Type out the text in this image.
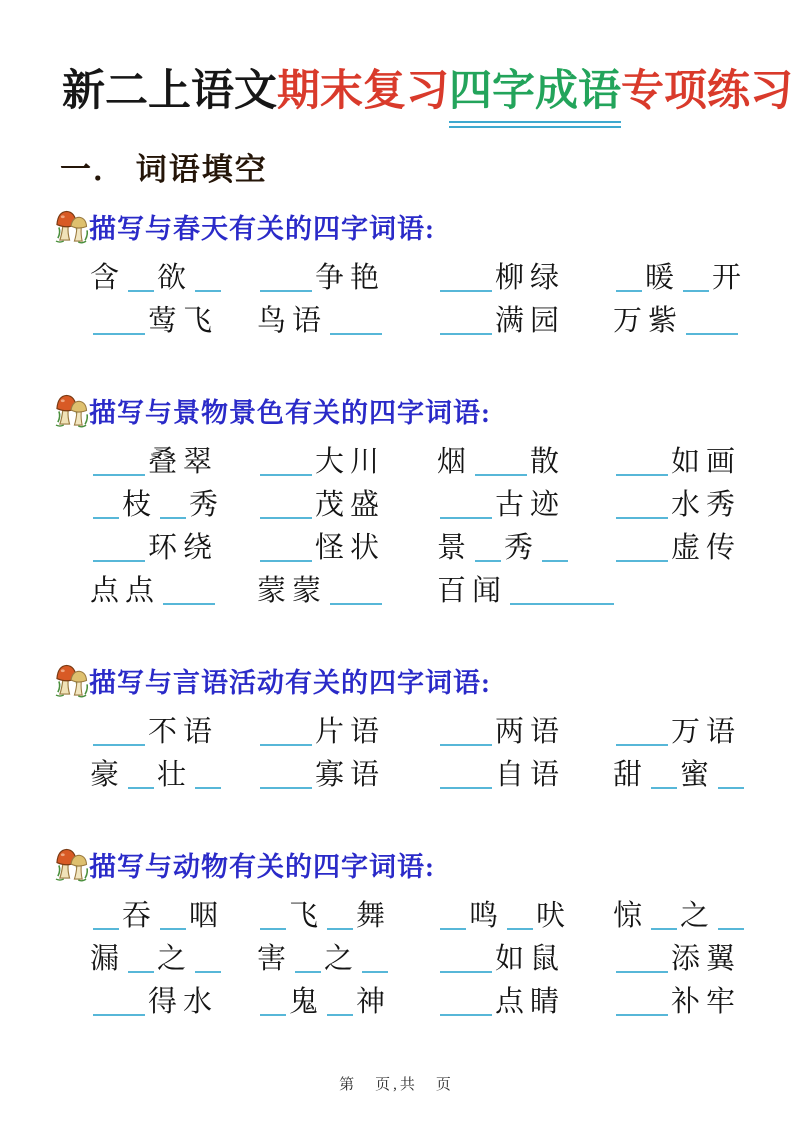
新二上语文期末复习四字成语专项练习
一． 词语填空
描写与春天有关的四字词语:
含 欲	争艳	柳绿	暖 开
莺飞	鸟语	满园	万紫
描写与景物景色有关的四字词语:
叠翠	大川	烟 散	如画
枝 秀	茂盛	古迹	水秀
环绕	怪状	景 秀	虚传
点点	蒙蒙	百闻
描写与言语活动有关的四字词语:
不语	片语	两语	万语
豪 壮	寡语	自语	甜 蜜
描写与动物有关的四字词语:
吞 咽	飞 舞	鸣 吠	惊 之
漏 之	害 之	如鼠	添翼
得水	鬼 神	点睛	补牢
第　页,共　页
